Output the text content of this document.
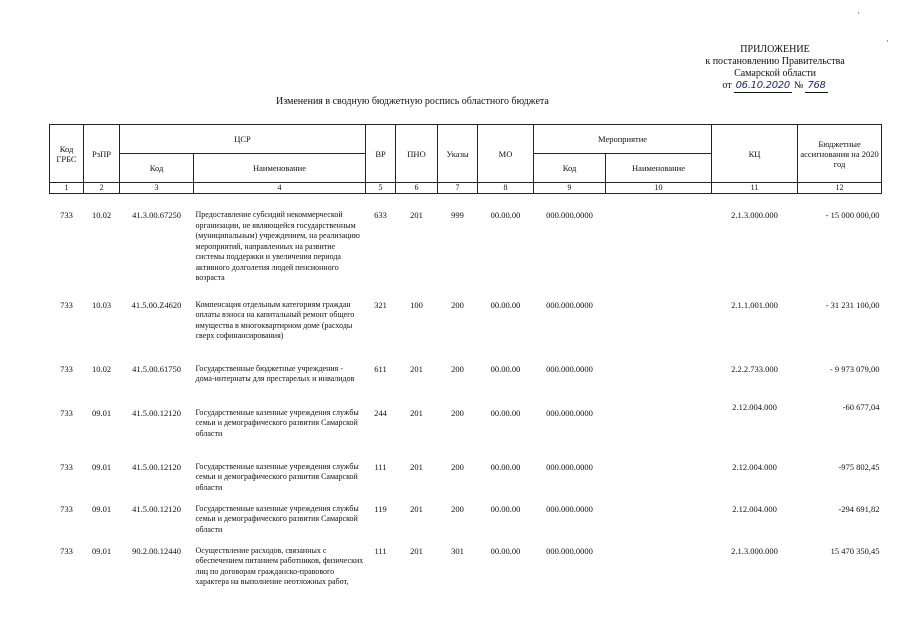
ПРИЛОЖЕНИЕ
к постановлению Правительства
Самарской области
от 06.10.2020 № 768
Изменения в сводную бюджетную роспись областного бюджета
Код ГРБС	РзПР	ЦСР		ВР	ПНО	Указы	МО	Мероприятие		КЦ	Бюджетные ассигнования на 2020 год
		Код	Наименование					Код	Наименование		
1	2	3	4	5	6	7	8	9	10	11	12
733	10.02	41.3.00.67250	Предоставление субсидий некоммерческой организации, не являющейся государственным (муниципальным) учреждением, на реализацию мероприятий, направленных на развитие системы поддержки и увеличения периода активного долголетия людей пенсионного возраста	633	201	999	00.00.00	000.000.0000		2.1.3.000.000	- 15 000 000,00
733	10.03	41.5.00.Z4620	Компенсация отдельным категориям граждан оплаты взноса на капитальный ремонт общего имущества в многоквартирном доме (расходы сверх софинансирования)	321	100	200	00.00.00	000.000.0000		2.1.1.001.000	- 31 231 100,00
733	10.02	41.5.00.61750	Государственные бюджетные учреждения - дома-интернаты для престарелых и инвалидов	611	201	200	00.00.00	000.000.0000		2.2.2.733.000	- 9 973 079,00
733	09.01	41.5.00.12120	Государственные казенные учреждения службы семьи и демографического развития Самарской области	244	201	200	00.00.00	000.000.0000		2.12.004.000	-60 677,04
733	09.01	41.5.00.12120	Государственные казенные учреждения службы семьи и демографического развития Самарской области	111	201	200	00.00.00	000.000.0000		2.12.004.000	-975 802,45
733	09.01	41.5.00.12120	Государственные казенные учреждения службы семьи и демографического развития Самарской области	119	201	200	00.00.00	000.000.0000		2.12.004.000	-294 691,82
733	09.01	90.2.00.12440	Осуществление расходов, связанных с обеспечением питанием работников, физических лиц по договорам гражданско-правового характера на выполнение неотложных работ,	111	201	301	00.00.00	000.000.0000		2.1.3.000.000	15 470 350,45
·
·
